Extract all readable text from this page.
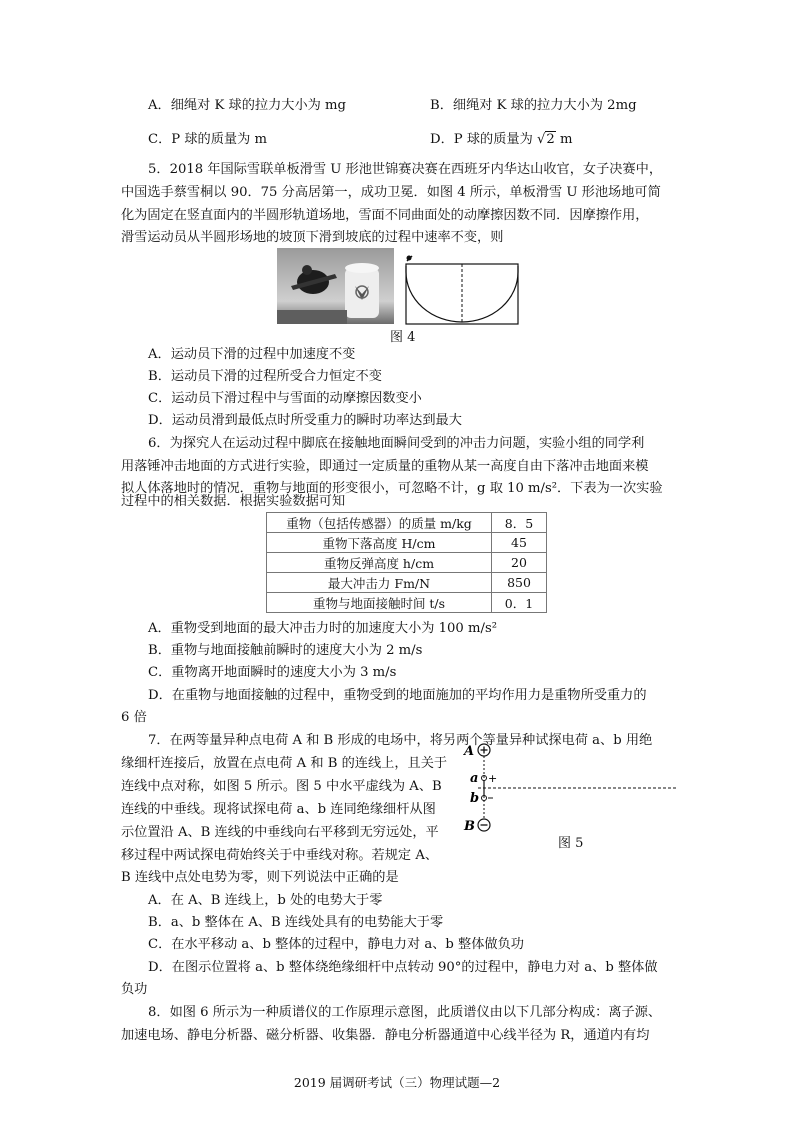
A．细绳对 K 球的拉力大小为 mg	B．细绳对 K 球的拉力大小为 2mg
C．P 球的质量为 m	D．P 球的质量为 √2 m
5．2018 年国际雪联单板滑雪 U 形池世锦赛决赛在西班牙内华达山收官，女子决赛中，
中国选手蔡雪桐以 90．75 分高居第一，成功卫冕．如图 4 所示，单板滑雪 U 形池场地可简
化为固定在竖直面内的半圆形轨道场地，雪面不同曲面处的动摩擦因数不同．因摩擦作用，
滑雪运动员从半圆形场地的坡顶下滑到坡底的过程中速率不变，则
图 4
A．运动员下滑的过程中加速度不变
B．运动员下滑的过程所受合力恒定不变
C．运动员下滑过程中与雪面的动摩擦因数变小
D．运动员滑到最低点时所受重力的瞬时功率达到最大
6．为探究人在运动过程中脚底在接触地面瞬间受到的冲击力问题，实验小组的同学利
用落锤冲击地面的方式进行实验，即通过一定质量的重物从某一高度自由下落冲击地面来模
拟人体落地时的情况．重物与地面的形变很小，可忽略不计，g 取 10 m/s²．下表为一次实验
过程中的相关数据．根据实验数据可知
重物（包括传感器）的质量 m/kg	8．5
重物下落高度 H/cm	45
重物反弹高度 h/cm	20
最大冲击力 Fm/N	850
重物与地面接触时间 t/s	0．1
A．重物受到地面的最大冲击力时的加速度大小为 100 m/s²
B．重物与地面接触前瞬时的速度大小为 2 m/s
C．重物离开地面瞬时的速度大小为 3 m/s
D．在重物与地面接触的过程中，重物受到的地面施加的平均作用力是重物所受重力的
6 倍
7．在两等量异种点电荷 A 和 B 形成的电场中，将另两个等量异种试探电荷 a、b 用绝
缘细杆连接后，放置在点电荷 A 和 B 的连线上，且关于
连线中点对称，如图 5 所示。图 5 中水平虚线为 A、B
连线的中垂线。现将试探电荷 a、b 连同绝缘细杆从图
示位置沿 A、B 连线的中垂线向右平移到无穷远处，平
移过程中两试探电荷始终关于中垂线对称。若规定 A、
B 连线中点处电势为零，则下列说法中正确的是
A
a +
b
B
图 5
A．在 A、B 连线上，b 处的电势大于零
B．a、b 整体在 A、B 连线处具有的电势能大于零
C．在水平移动 a、b 整体的过程中，静电力对 a、b 整体做负功
D．在图示位置将 a、b 整体绕绝缘细杆中点转动 90°的过程中，静电力对 a、b 整体做
负功
8．如图 6 所示为一种质谱仪的工作原理示意图，此质谱仪由以下几部分构成：离子源、
加速电场、静电分析器、磁分析器、收集器．静电分析器通道中心线半径为 R，通道内有均
2019 届调研考试（三）物理试题—2
